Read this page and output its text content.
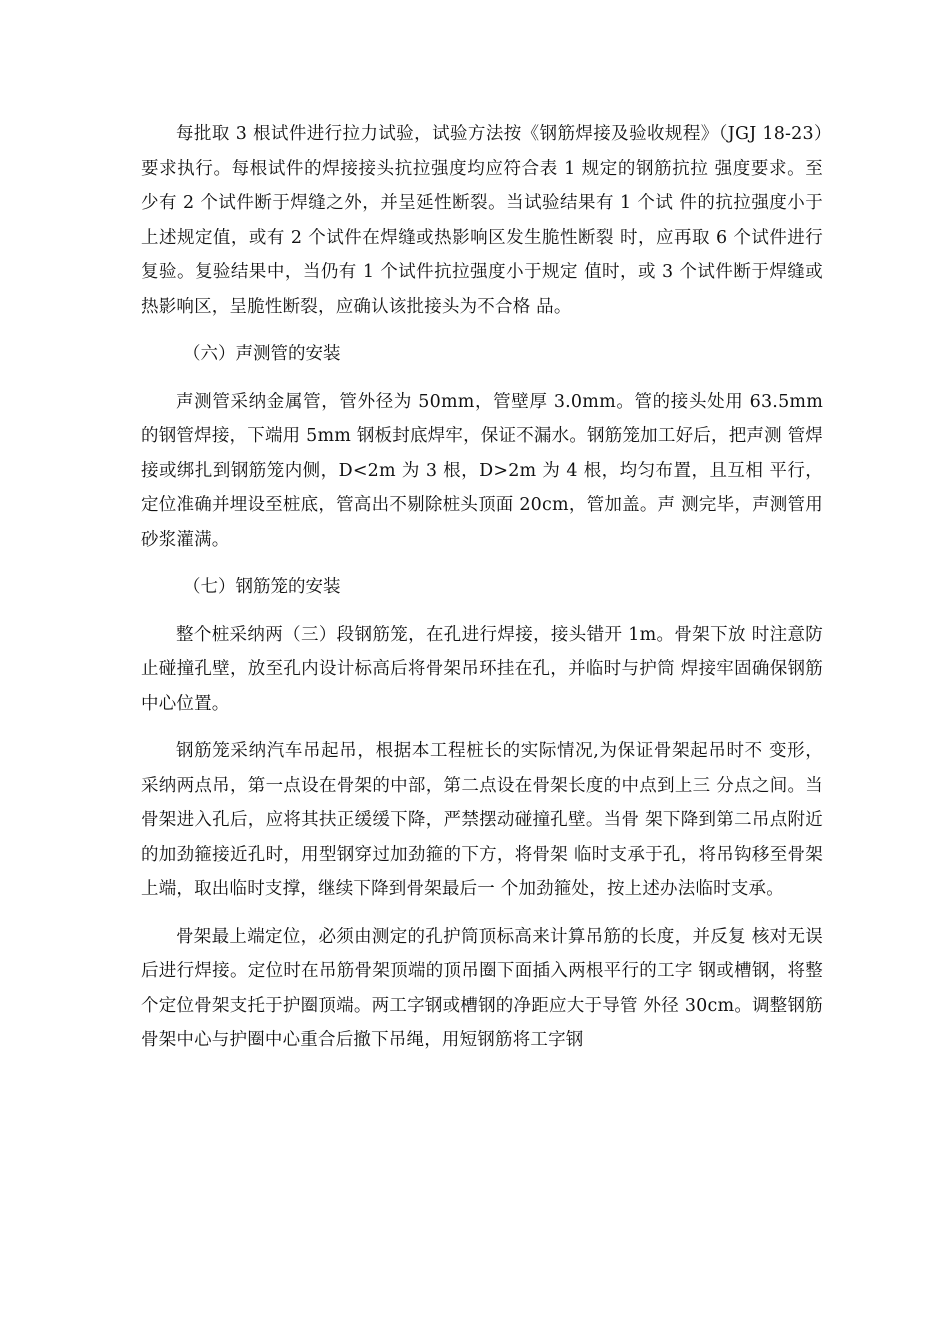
每批取 3 根试件进行拉力试验，试验方法按《钢筋焊接及验收规程》（JGJ 18-23）要求执行。每根试件的焊接接头抗拉强度均应符合表 1 规定的钢筋抗拉 强度要求。至少有 2 个试件断于焊缝之外，并呈延性断裂。当试验结果有 1 个试 件的抗拉强度小于上述规定值，或有 2 个试件在焊缝或热影响区发生脆性断裂 时，应再取 6 个试件进行复验。复验结果中，当仍有 1 个试件抗拉强度小于规定 值时，或 3 个试件断于焊缝或热影响区，呈脆性断裂，应确认该批接头为不合格 品。

（六）声测管的安装

声测管采纳金属管，管外径为 50mm，管壁厚 3.0mm。管的接头处用 63.5mm 的钢管焊接，下端用 5mm 钢板封底焊牢，保证不漏水。钢筋笼加工好后，把声测 管焊接或绑扎到钢筋笼内侧，D<2m 为 3 根，D>2m 为 4 根，均匀布置，且互相 平行，定位准确并埋设至桩底，管高出不剔除桩头顶面 20cm，管加盖。声 测完毕，声测管用砂浆灌满。

（七）钢筋笼的安装

整个桩采纳两（三）段钢筋笼，在孔进行焊接，接头错开 1m。骨架下放 时注意防止碰撞孔壁，放至孔内设计标高后将骨架吊环挂在孔，并临时与护筒 焊接牢固确保钢筋中心位置。

钢筋笼采纳汽车吊起吊，根据本工程桩长的实际情况,为保证骨架起吊时不 变形，采纳两点吊，第一点设在骨架的中部，第二点设在骨架长度的中点到上三 分点之间。当骨架进入孔后，应将其扶正缓缓下降，严禁摆动碰撞孔壁。当骨 架下降到第二吊点附近的加劲箍接近孔时，用型钢穿过加劲箍的下方，将骨架 临时支承于孔，将吊钩移至骨架上端，取出临时支撑，继续下降到骨架最后一 个加劲箍处，按上述办法临时支承。

骨架最上端定位，必须由测定的孔护筒顶标高来计算吊筋的长度，并反复 核对无误后进行焊接。定位时在吊筋骨架顶端的顶吊圈下面插入两根平行的工字 钢或槽钢，将整个定位骨架支托于护圈顶端。两工字钢或槽钢的净距应大于导管 外径 30cm。调整钢筋骨架中心与护圈中心重合后撤下吊绳，用短钢筋将工字钢
